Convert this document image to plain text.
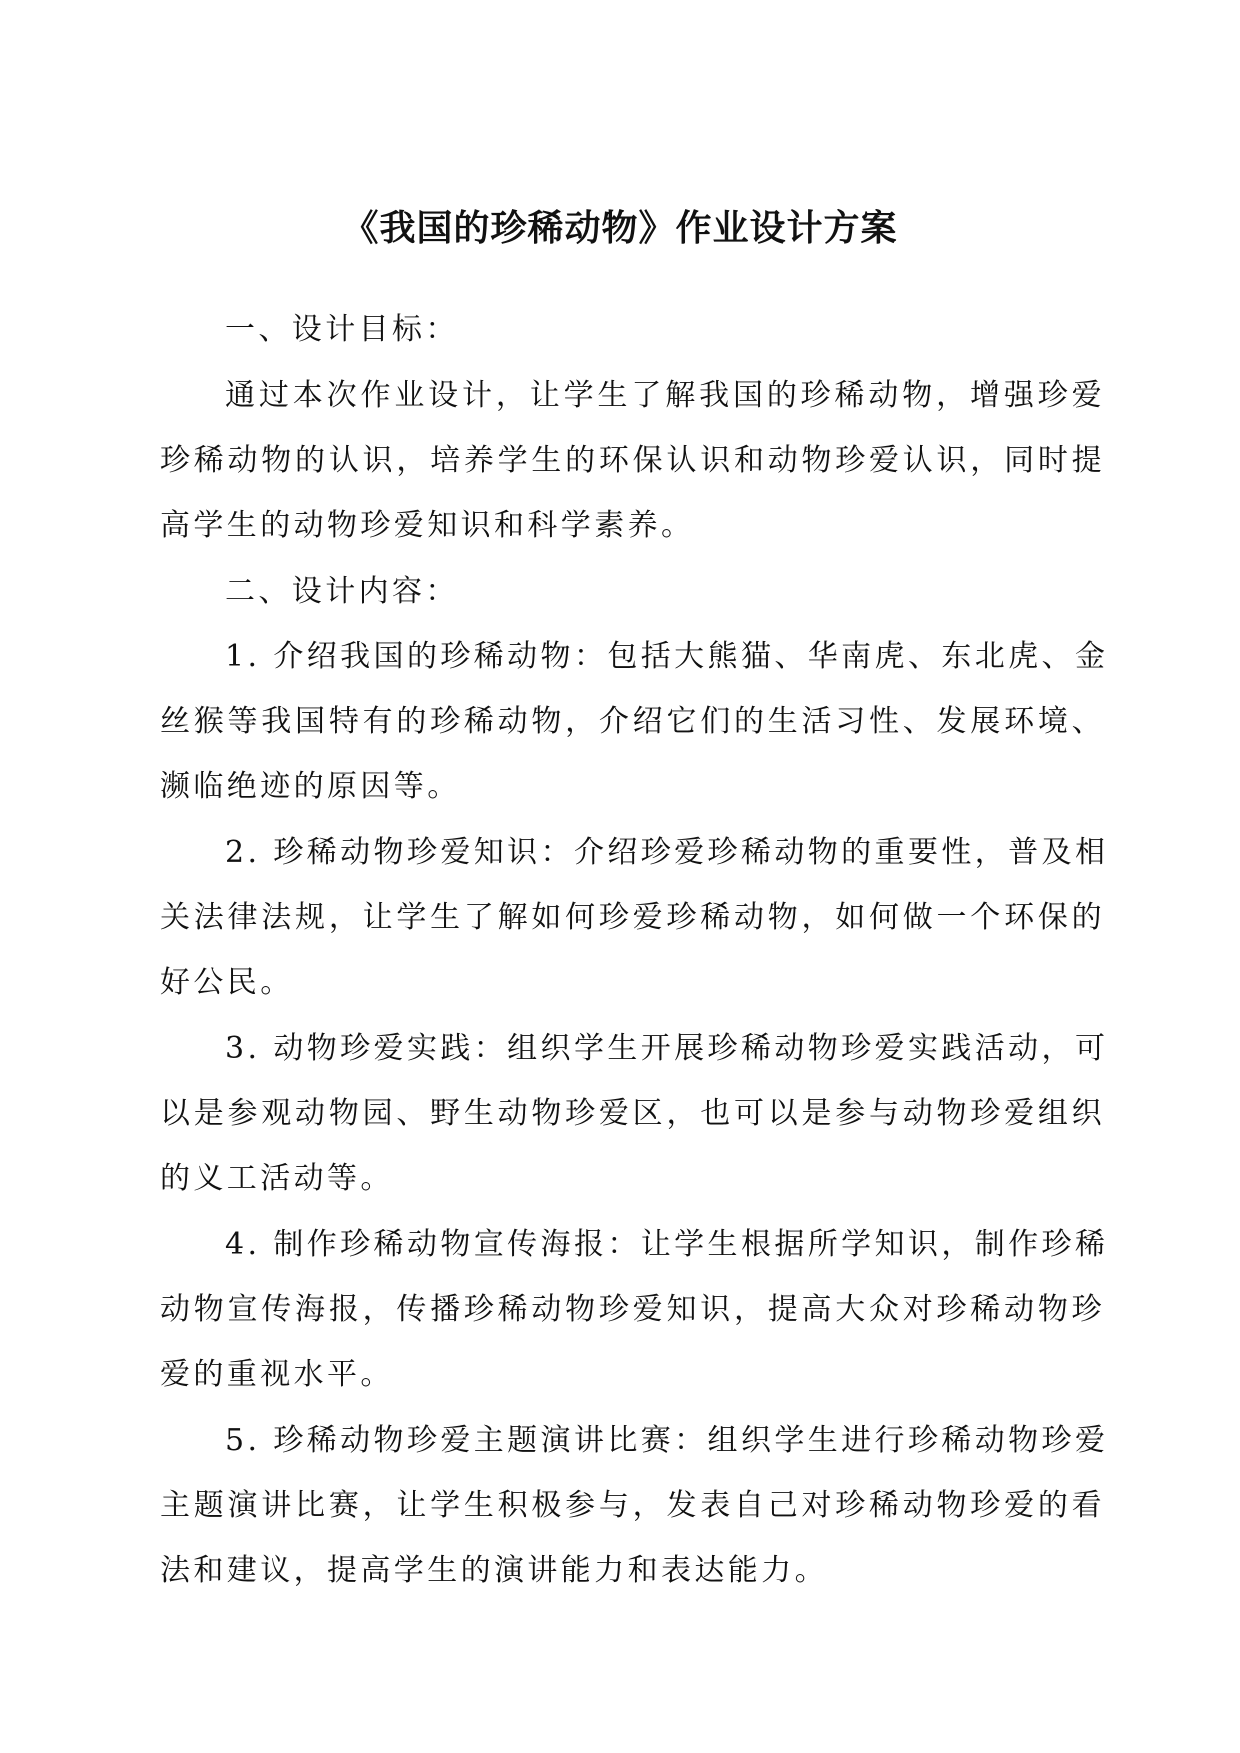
《我国的珍稀动物》作业设计方案
一、设计目标：
通过本次作业设计，让学生了解我国的珍稀动物，增强珍爱
珍稀动物的认识，培养学生的环保认识和动物珍爱认识，同时提
高学生的动物珍爱知识和科学素养。
二、设计内容：
1. 介绍我国的珍稀动物：包括大熊猫、华南虎、东北虎、金
丝猴等我国特有的珍稀动物，介绍它们的生活习性、发展环境、
濒临绝迹的原因等。
2. 珍稀动物珍爱知识：介绍珍爱珍稀动物的重要性，普及相
关法律法规，让学生了解如何珍爱珍稀动物，如何做一个环保的
好公民。
3. 动物珍爱实践：组织学生开展珍稀动物珍爱实践活动，可
以是参观动物园、野生动物珍爱区，也可以是参与动物珍爱组织
的义工活动等。
4. 制作珍稀动物宣传海报：让学生根据所学知识，制作珍稀
动物宣传海报，传播珍稀动物珍爱知识，提高大众对珍稀动物珍
爱的重视水平。
5. 珍稀动物珍爱主题演讲比赛：组织学生进行珍稀动物珍爱
主题演讲比赛，让学生积极参与，发表自己对珍稀动物珍爱的看
法和建议，提高学生的演讲能力和表达能力。
